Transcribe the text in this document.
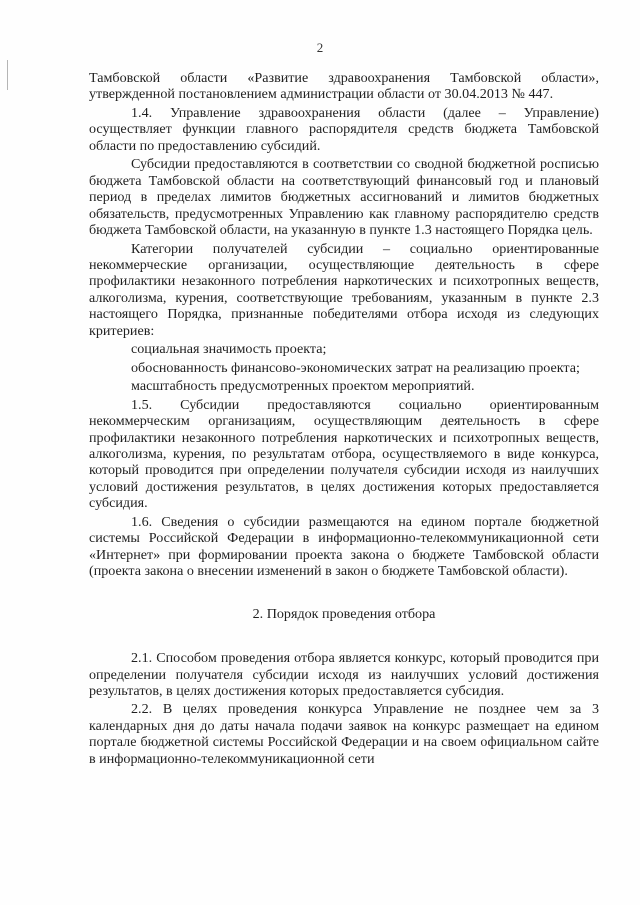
2

Тамбовской области «Развитие здравоохранения Тамбовской области», утвержденной постановлением администрации области от 30.04.2013 № 447.

1.4. Управление здравоохранения области (далее – Управление) осуществляет функции главного распорядителя средств бюджета Тамбовской области по предоставлению субсидий.

Субсидии предоставляются в соответствии со сводной бюджетной росписью бюджета Тамбовской области на соответствующий финансовый год и плановый период в пределах лимитов бюджетных ассигнований и лимитов бюджетных обязательств, предусмотренных Управлению как главному распорядителю средств бюджета Тамбовской области, на указанную в пункте 1.3 настоящего Порядка цель.

Категории получателей субсидии – социально ориентированные некоммерческие организации, осуществляющие деятельность в сфере профилактики незаконного потребления наркотических и психотропных веществ, алкоголизма, курения, соответствующие требованиям, указанным в пункте 2.3 настоящего Порядка, признанные победителями отбора исходя из следующих критериев:

социальная значимость проекта;

обоснованность финансово-экономических затрат на реализацию проекта;

масштабность предусмотренных проектом мероприятий.

1.5. Субсидии предоставляются социально ориентированным некоммерческим организациям, осуществляющим деятельность в сфере профилактики незаконного потребления наркотических и психотропных веществ, алкоголизма, курения, по результатам отбора, осуществляемого в виде конкурса, который проводится при определении получателя субсидии исходя из наилучших условий достижения результатов, в целях достижения которых предоставляется субсидия.

1.6. Сведения о субсидии размещаются на едином портале бюджетной системы Российской Федерации в информационно-телекоммуникационной сети «Интернет» при формировании проекта закона о бюджете Тамбовской области (проекта закона о внесении изменений в закон о бюджете Тамбовской области).

2. Порядок проведения отбора

2.1. Способом проведения отбора является конкурс, который проводится при определении получателя субсидии исходя из наилучших условий достижения результатов, в целях достижения которых предоставляется субсидия.

2.2. В целях проведения конкурса Управление не позднее чем за 3 календарных дня до даты начала подачи заявок на конкурс размещает на едином портале бюджетной системы Российской Федерации и на своем официальном сайте в информационно-телекоммуникационной сети
